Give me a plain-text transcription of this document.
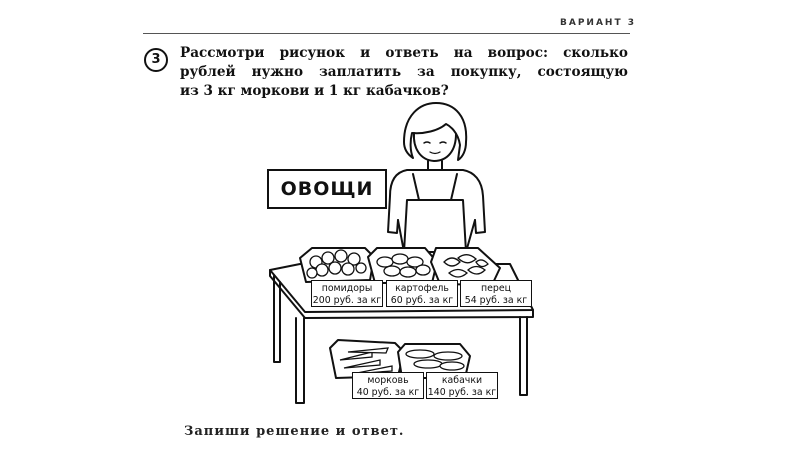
ВАРИАНТ 3
3	Рассмотри рисунок и ответь на вопрос: сколько
рублей нужно заплатить за покупку, состоящую
из 3 кг моркови и 1 кг кабачков?
ОВОЩИ
помидоры
200 руб. за кг
картофель
60 руб. за кг
перец
54 руб. за кг
морковь
40 руб. за кг
кабачки
140 руб. за кг
Запиши решение и ответ.
